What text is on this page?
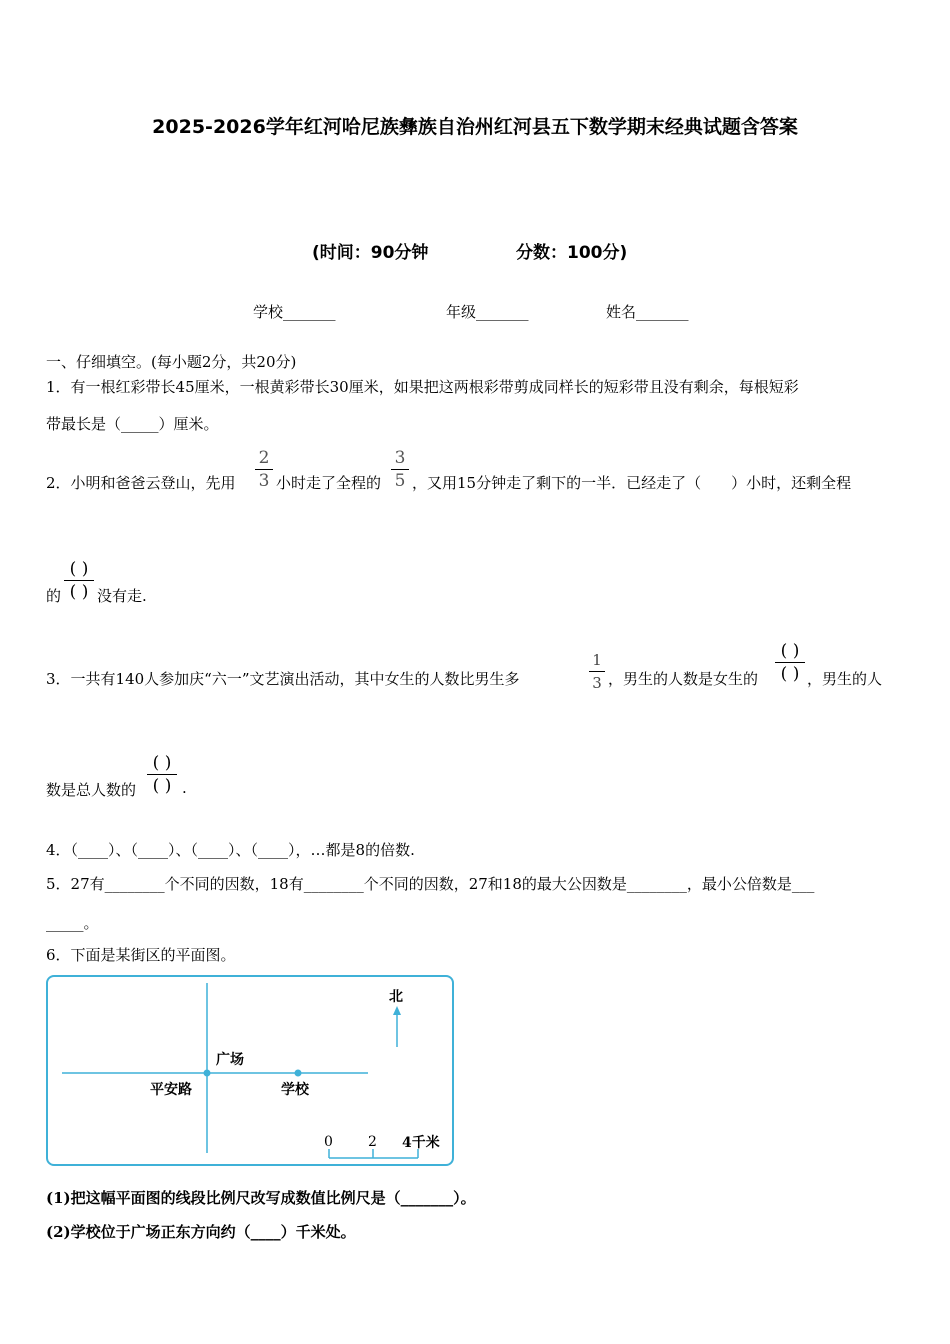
2025-2026学年红河哈尼族彝族自治州红河县五下数学期末经典试题含答案
(时间：90分钟	分数：100分)
学校_______	年级_______	姓名_______
一、仔细填空。(每小题2分，共20分)
1．有一根红彩带长45厘米，一根黄彩带长30厘米，如果把这两根彩带剪成同样长的短彩带且没有剩余，每根短彩
带最长是（_____）厘米。
2．小明和爸爸云登山，先用
2
3 小时走了全程的
3
5 ，又用15分钟走了剩下的一半．已经走了（　　）小时，还剩全程
的
( )
( ) 没有走.
3．一共有140人参加庆“六一”文艺演出活动，其中女生的人数比男生多
1
3 ，男生的人数是女生的
( )
( ) ，男生的人
数是总人数的
( )
( ) .
4．（____）、（____）、（____）、（____），…都是8的倍数.
5．27有________个不同的因数，18有________个不同的因数，27和18的最大公因数是________，最小公倍数是___
_____。
6．下面是某街区的平面图。
北
广场
平安路	学校
0	2 4千米
(1)把这幅平面图的线段比例尺改写成数值比例尺是（_______）。
(2)学校位于广场正东方向约（____）千米处。
